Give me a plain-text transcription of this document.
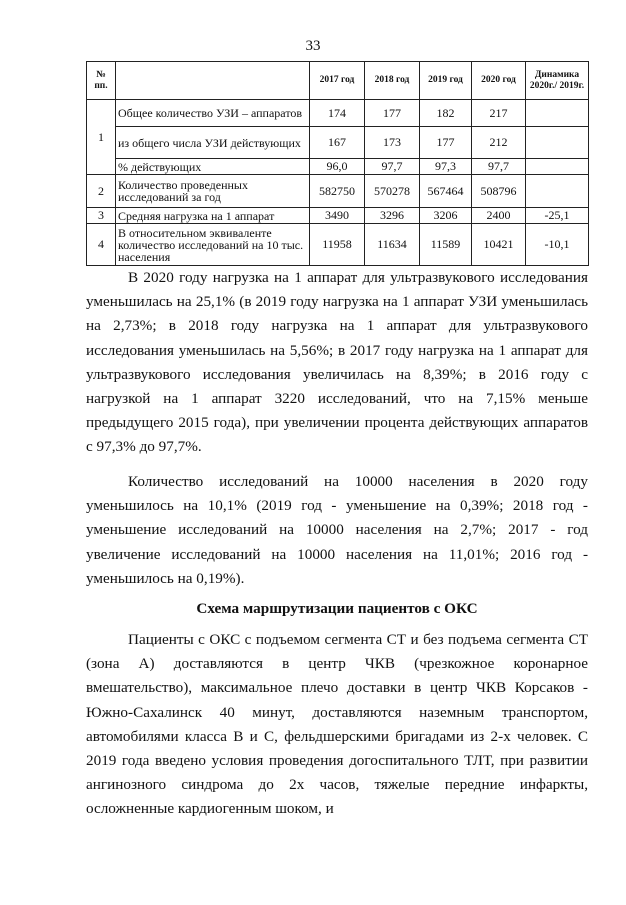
33
№ пп.		2017 год	2018 год	2019 год	2020 год	Динамика 2020г./ 2019г.
1	Общее количество УЗИ – аппаратов	174	177	182	217	
	из общего числа УЗИ действующих	167	173	177	212	
	% действующих	96,0	97,7	97,3	97,7	
2	Количество проведенных исследований за год	582750	570278	567464	508796	
3	Средняя нагрузка на 1 аппарат	3490	3296	3206	2400	-25,1
4	В относительном эквиваленте количество исследований на 10 тыс. населения	11958	11634	11589	10421	-10,1

В 2020 году нагрузка на 1 аппарат для ультразвукового исследования уменьшилась на 25,1% (в 2019 году нагрузка на 1 аппарат УЗИ уменьшилась на 2,73%; в 2018 году нагрузка на 1 аппарат для ультразвукового исследования уменьшилась на 5,56%; в 2017 году нагрузка на 1 аппарат для ультразвукового исследования увеличилась на 8,39%; в 2016 году с нагрузкой на 1 аппарат 3220 исследований, что на 7,15% меньше предыдущего 2015 года), при увеличении процента действующих аппаратов с 97,3% до 97,7%.

Количество исследований на 10000 населения в 2020 году уменьшилось на 10,1% (2019 год - уменьшение на 0,39%; 2018 год - уменьшение исследований на 10000 населения на 2,7%; 2017 - год увеличение исследований на 10000 населения на 11,01%; 2016 год - уменьшилось на 0,19%).

Схема маршрутизации пациентов с ОКС

Пациенты с ОКС с подъемом сегмента СТ и без подъема сегмента СТ (зона А) доставляются в центр ЧКВ (чрезкожное коронарное вмешательство), максимальное плечо доставки в центр ЧКВ Корсаков - Южно-Сахалинск 40 минут, доставляются наземным транспортом, автомобилями класса В и С, фельдшерскими бригадами из 2-х человек. С 2019 года введено условия проведения догоспитального ТЛТ, при развитии ангинозного синдрома до 2х часов, тяжелые передние инфаркты, осложненные кардиогенным шоком, и
